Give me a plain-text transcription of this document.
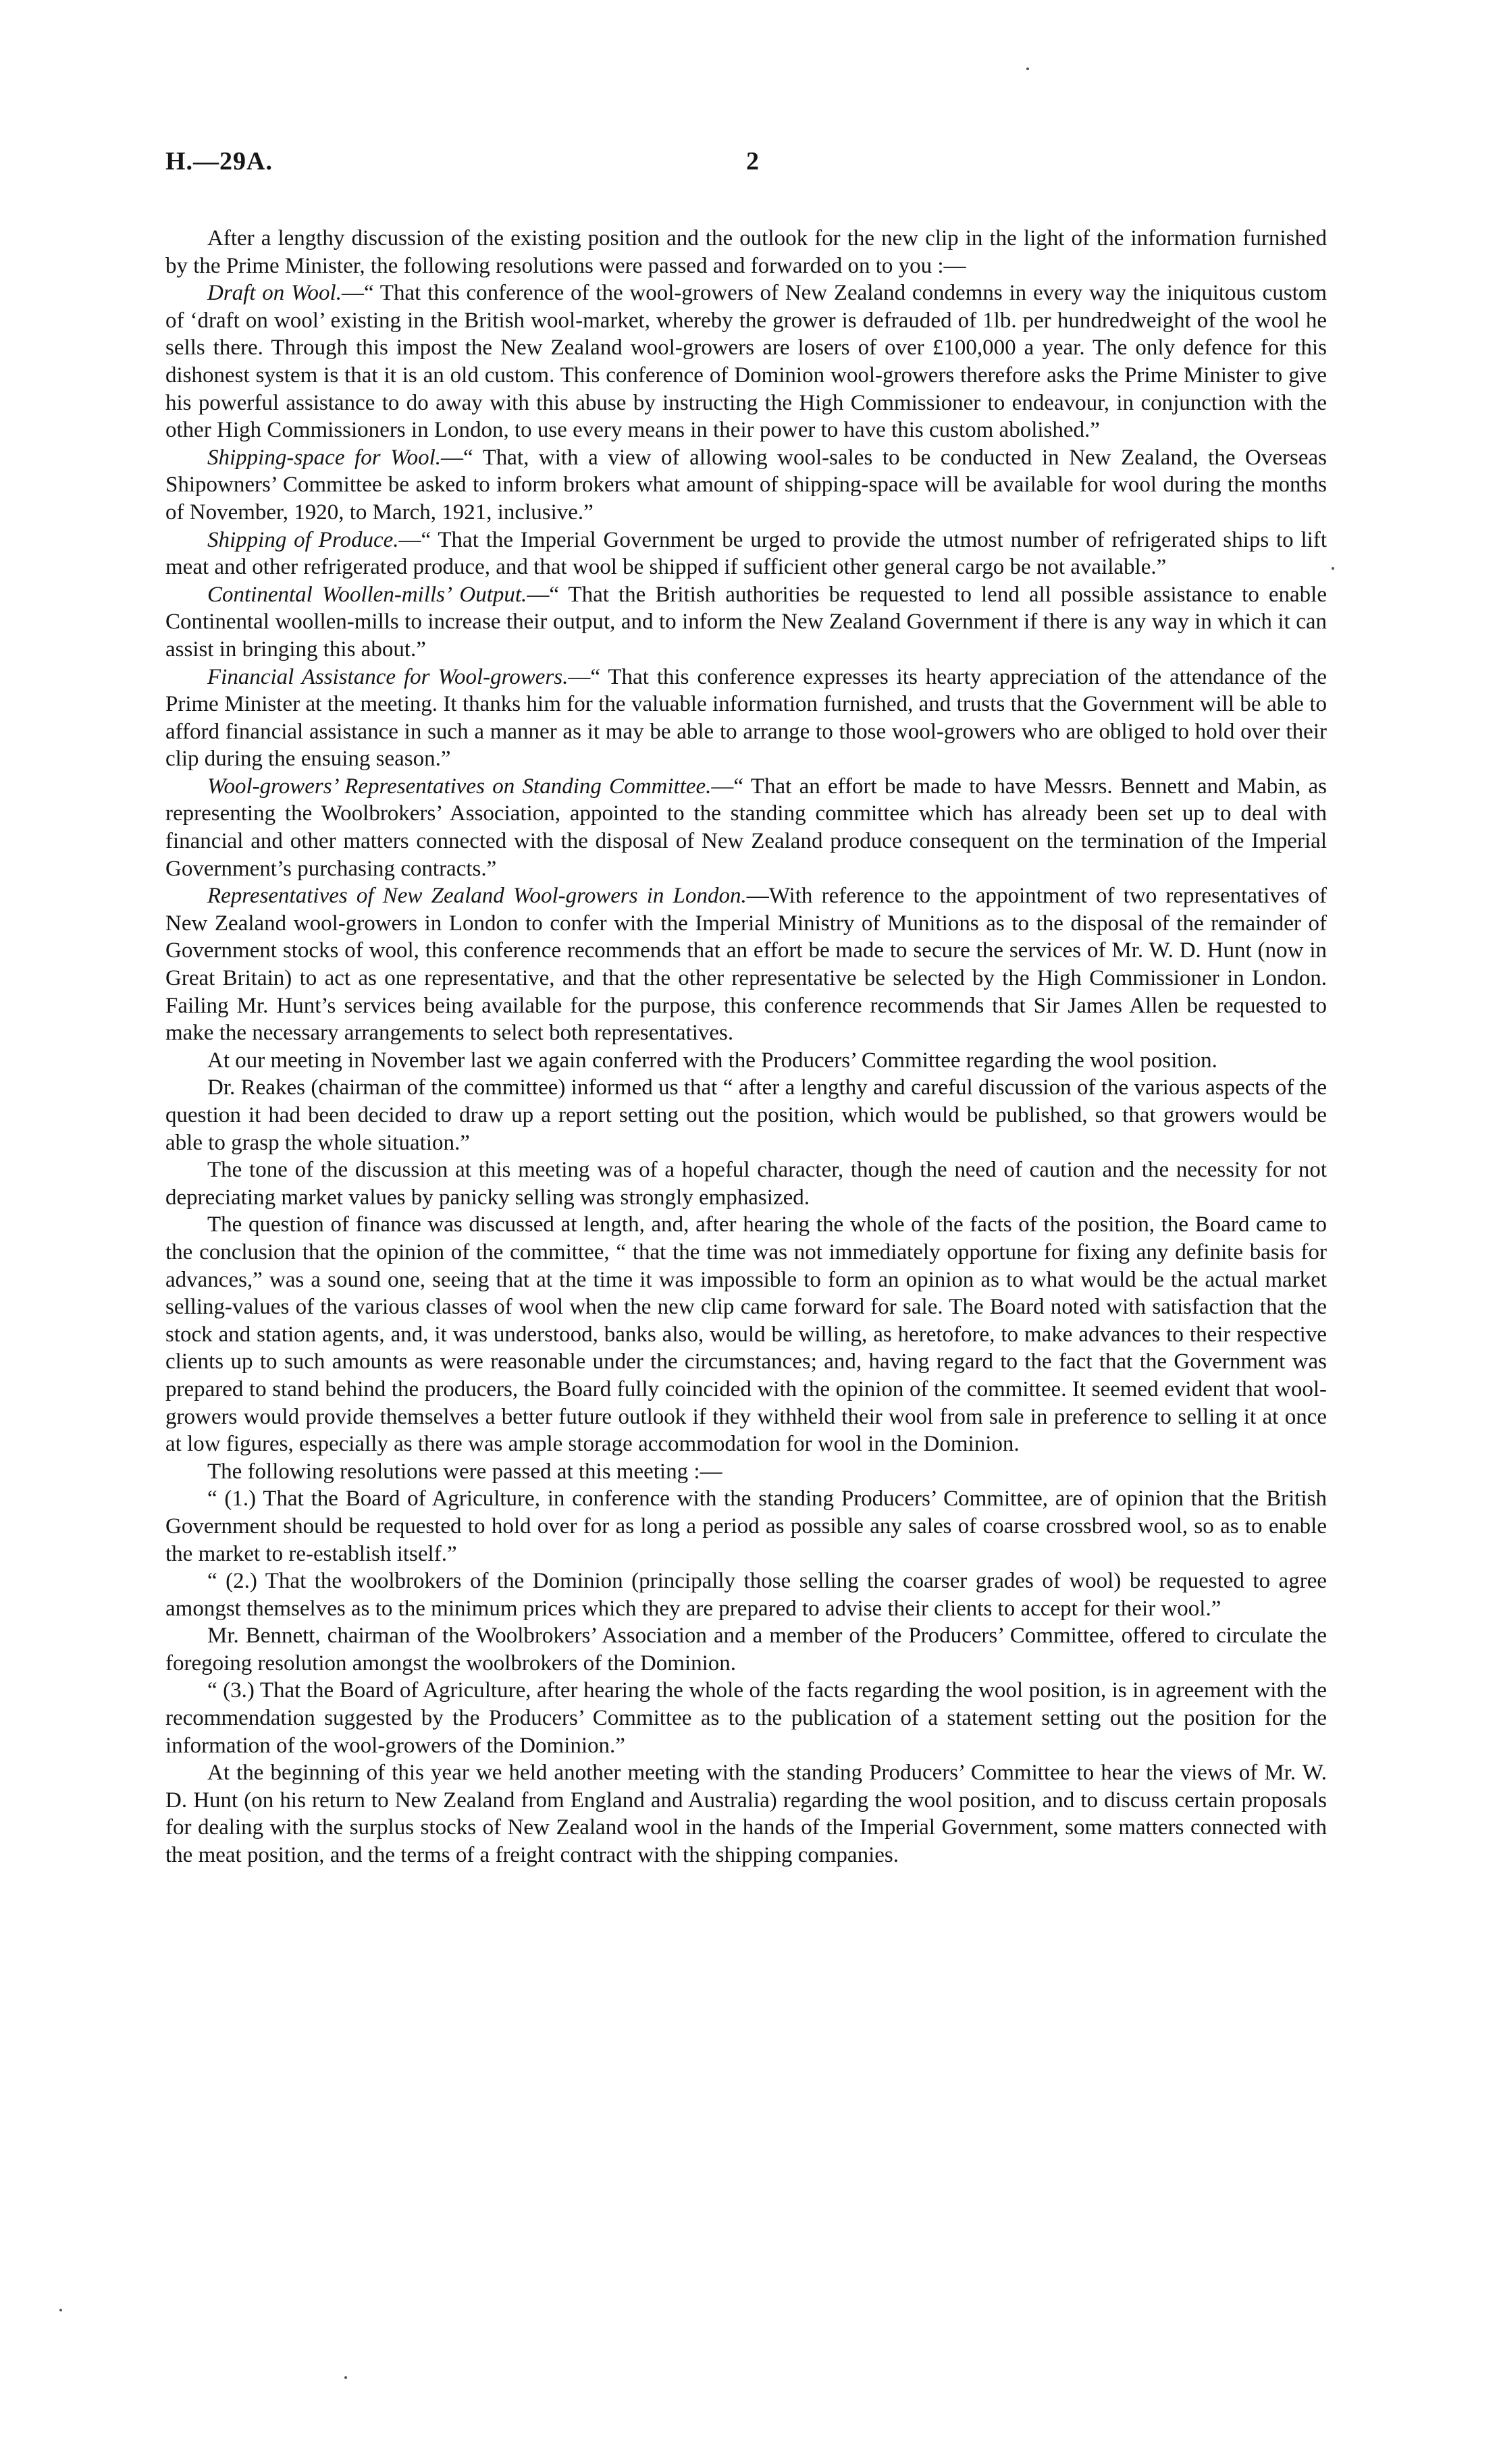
H.—29A.	2

After a lengthy discussion of the existing position and the outlook for the new clip in the light of the information furnished by the Prime Minister, the following resolutions were passed and forwarded on to you :—

Draft on Wool.—“ That this conference of the wool-growers of New Zealand condemns in every way the iniquitous custom of ‘draft on wool’ existing in the British wool-market, whereby the grower is defrauded of 1lb. per hundredweight of the wool he sells there. Through this impost the New Zealand wool-growers are losers of over £100,000 a year. The only defence for this dishonest system is that it is an old custom. This conference of Dominion wool-growers therefore asks the Prime Minister to give his powerful assistance to do away with this abuse by instructing the High Commissioner to endeavour, in conjunction with the other High Commissioners in London, to use every means in their power to have this custom abolished.”

Shipping-space for Wool.—“ That, with a view of allowing wool-sales to be conducted in New Zealand, the Overseas Shipowners’ Committee be asked to inform brokers what amount of shipping-space will be available for wool during the months of November, 1920, to March, 1921, inclusive.”

Shipping of Produce.—“ That the Imperial Government be urged to provide the utmost number of refrigerated ships to lift meat and other refrigerated produce, and that wool be shipped if sufficient other general cargo be not available.”

Continental Woollen-mills’ Output.—“ That the British authorities be requested to lend all possible assistance to enable Continental woollen-mills to increase their output, and to inform the New Zealand Government if there is any way in which it can assist in bringing this about.”

Financial Assistance for Wool-growers.—“ That this conference expresses its hearty appreciation of the attendance of the Prime Minister at the meeting. It thanks him for the valuable information furnished, and trusts that the Government will be able to afford financial assistance in such a manner as it may be able to arrange to those wool-growers who are obliged to hold over their clip during the ensuing season.”

Wool-growers’ Representatives on Standing Committee.—“ That an effort be made to have Messrs. Bennett and Mabin, as representing the Woolbrokers’ Association, appointed to the standing committee which has already been set up to deal with financial and other matters connected with the disposal of New Zealand produce consequent on the termination of the Imperial Government’s purchasing contracts.”

Representatives of New Zealand Wool-growers in London.—With reference to the appointment of two representatives of New Zealand wool-growers in London to confer with the Imperial Ministry of Munitions as to the disposal of the remainder of Government stocks of wool, this conference recommends that an effort be made to secure the services of Mr. W. D. Hunt (now in Great Britain) to act as one representative, and that the other representative be selected by the High Commissioner in London. Failing Mr. Hunt’s services being available for the purpose, this conference recommends that Sir James Allen be requested to make the necessary arrangements to select both representatives.

At our meeting in November last we again conferred with the Producers’ Committee regarding the wool position.

Dr. Reakes (chairman of the committee) informed us that “ after a lengthy and careful discussion of the various aspects of the question it had been decided to draw up a report setting out the position, which would be published, so that growers would be able to grasp the whole situation.”

The tone of the discussion at this meeting was of a hopeful character, though the need of caution and the necessity for not depreciating market values by panicky selling was strongly emphasized.

The question of finance was discussed at length, and, after hearing the whole of the facts of the position, the Board came to the conclusion that the opinion of the committee, “ that the time was not immediately opportune for fixing any definite basis for advances,” was a sound one, seeing that at the time it was impossible to form an opinion as to what would be the actual market selling-values of the various classes of wool when the new clip came forward for sale. The Board noted with satisfaction that the stock and station agents, and, it was understood, banks also, would be willing, as heretofore, to make advances to their respective clients up to such amounts as were reasonable under the circumstances; and, having regard to the fact that the Government was prepared to stand behind the producers, the Board fully coincided with the opinion of the committee. It seemed evident that wool-growers would provide themselves a better future outlook if they withheld their wool from sale in preference to selling it at once at low figures, especially as there was ample storage accommodation for wool in the Dominion.

The following resolutions were passed at this meeting :—

“ (1.) That the Board of Agriculture, in conference with the standing Producers’ Committee, are of opinion that the British Government should be requested to hold over for as long a period as possible any sales of coarse crossbred wool, so as to enable the market to re-establish itself.”

“ (2.) That the woolbrokers of the Dominion (principally those selling the coarser grades of wool) be requested to agree amongst themselves as to the minimum prices which they are prepared to advise their clients to accept for their wool.”

Mr. Bennett, chairman of the Woolbrokers’ Association and a member of the Producers’ Committee, offered to circulate the foregoing resolution amongst the woolbrokers of the Dominion.

“ (3.) That the Board of Agriculture, after hearing the whole of the facts regarding the wool position, is in agreement with the recommendation suggested by the Producers’ Committee as to the publication of a statement setting out the position for the information of the wool-growers of the Dominion.”

At the beginning of this year we held another meeting with the standing Producers’ Committee to hear the views of Mr. W. D. Hunt (on his return to New Zealand from England and Australia) regarding the wool position, and to discuss certain proposals for dealing with the surplus stocks of New Zealand wool in the hands of the Imperial Government, some matters connected with the meat position, and the terms of a freight contract with the shipping companies.
